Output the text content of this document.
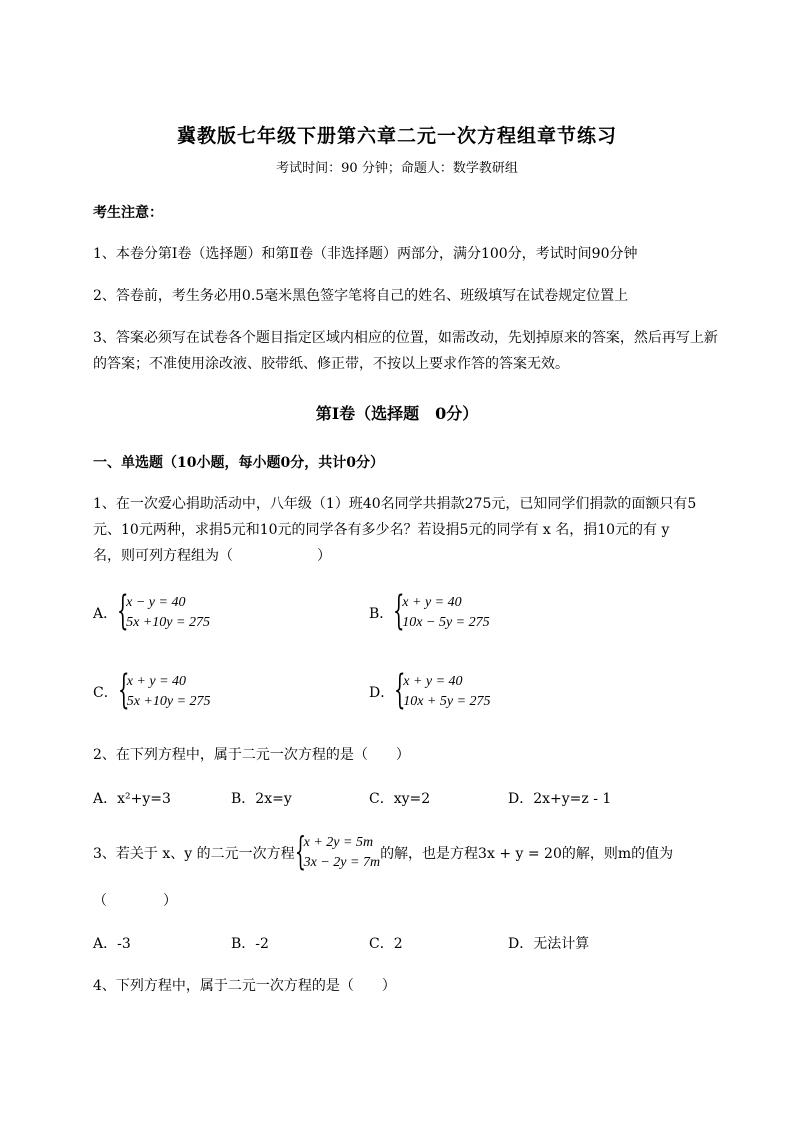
冀教版七年级下册第六章二元一次方程组章节练习
考试时间：90 分钟；命题人：数学教研组
考生注意：
1、本卷分第Ⅰ卷（选择题）和第Ⅱ卷（非选择题）两部分，满分100分，考试时间90分钟
2、答卷前，考生务必用0.5毫米黑色签字笔将自己的姓名、班级填写在试卷规定位置上
3、答案必须写在试卷各个题目指定区域内相应的位置，如需改动，先划掉原来的答案，然后再写上新
的答案；不准使用涂改液、胶带纸、修正带，不按以上要求作答的答案无效。
第Ⅰ卷（选择题　0分）
一、单选题（10小题，每小题0分，共计0分）
1、在一次爱心捐助活动中，八年级（1）班40名同学共捐款275元，已知同学们捐款的面额只有5
元、10元两种，求捐5元和10元的同学各有多少名？若设捐5元的同学有 x 名，捐10元的有 y
名，则可列方程组为（　　　　　　）
A． {
x − y = 40
5x +10y = 275
B． {
x + y = 40
10x − 5y = 275
C． {
x + y = 40
5x +10y = 275
D． {
x + y = 40
10x + 5y = 275
2、在下列方程中，属于二元一次方程的是（　　）
A．x²+y=3	B．2x=y	C．xy=2	D．2x+y=z - 1
3、若关于 x、y 的二元一次方程 {
x + 2y = 5m
3x − 2y = 7m
的解，也是方程3x + y = 20的解，则m的值为
（　　　　）
A．-3	B．-2	C．2	D．无法计算
4、下列方程中，属于二元一次方程的是（　　）
